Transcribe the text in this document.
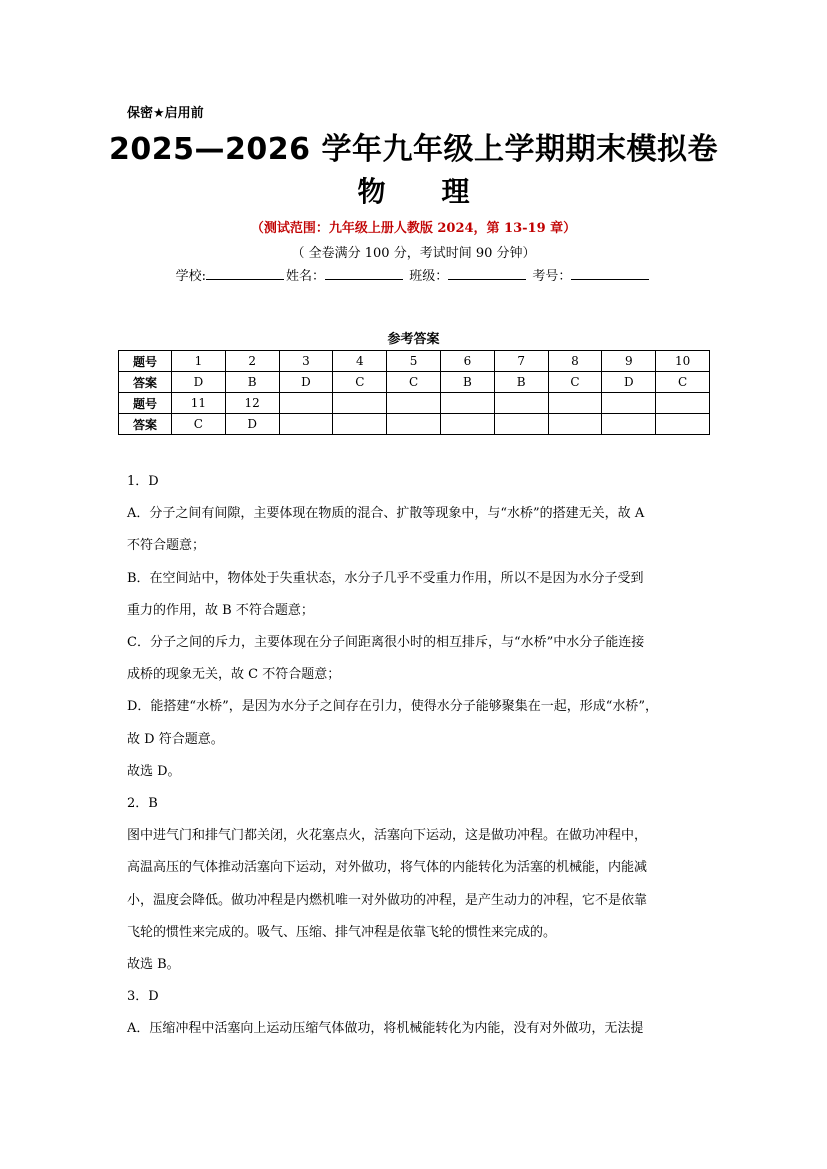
保密★启用前
2025—2026 学年九年级上学期期末模拟卷
物　　理
（测试范围：九年级上册人教版 2024，第 13-19 章）
（ 全卷满分 100 分，考试时间 90 分钟）
学校:	姓名：	班级：	考号：
参考答案
题号	1	2	3	4	5	6	7	8	9	10
答案	D	B	D	C	C	B	B	C	D	C
题号	11	12								
答案	C	D								

1．D

A．分子之间有间隙，主要体现在物质的混合、扩散等现象中，与“水桥”的搭建无关，故 A

不符合题意；

B．在空间站中，物体处于失重状态，水分子几乎不受重力作用，所以不是因为水分子受到

重力的作用，故 B 不符合题意；

C．分子之间的斥力，主要体现在分子间距离很小时的相互排斥，与“水桥”中水分子能连接

成桥的现象无关，故 C 不符合题意；

D．能搭建“水桥”，是因为水分子之间存在引力，使得水分子能够聚集在一起，形成“水桥”，

故 D 符合题意。

故选 D。

2．B

图中进气门和排气门都关闭，火花塞点火，活塞向下运动，这是做功冲程。在做功冲程中，

高温高压的气体推动活塞向下运动，对外做功，将气体的内能转化为活塞的机械能，内能减

小，温度会降低。做功冲程是内燃机唯一对外做功的冲程，是产生动力的冲程，它不是依靠

飞轮的惯性来完成的。吸气、压缩、排气冲程是依靠飞轮的惯性来完成的。

故选 B。

3．D

A．压缩冲程中活塞向上运动压缩气体做功，将机械能转化为内能，没有对外做功，无法提
